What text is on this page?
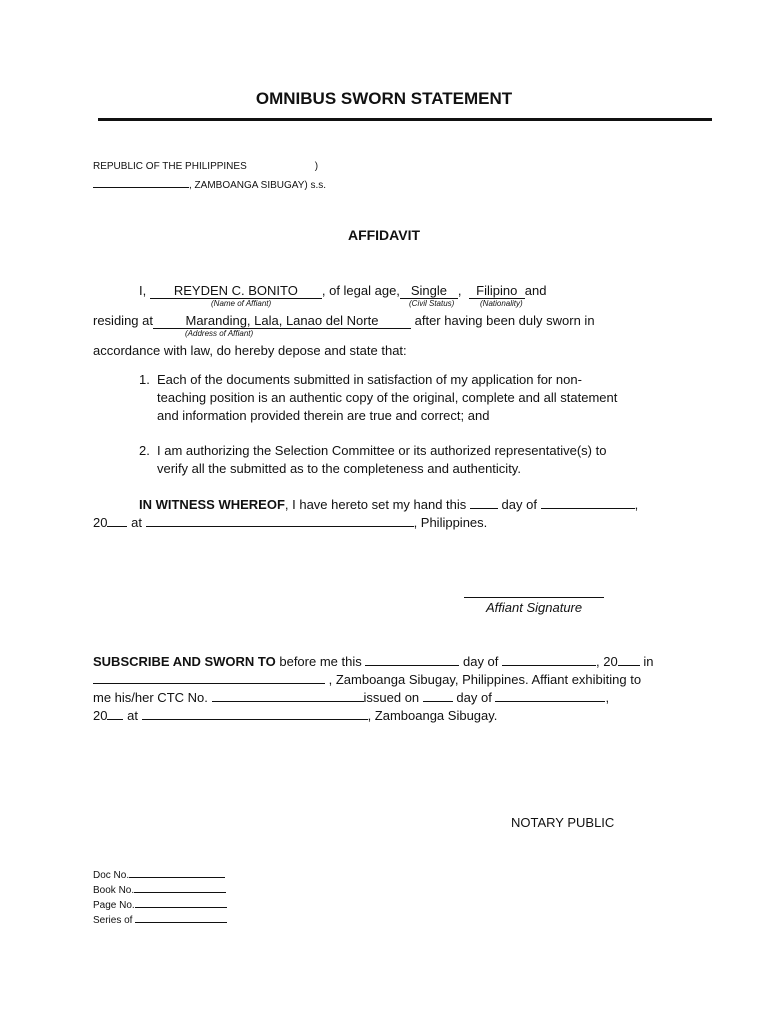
OMNIBUS SWORN STATEMENT
REPUBLIC OF THE PHILIPPINES	)
, ZAMBOANGA SIBUGAY) s.s.
AFFIDAVIT
I, REYDEN C. BONITO , of legal age, Single ,  Filipino and
(Name of Affiant)	(Civil Status)	(Nationality)
residing at	Maranding, Lala, Lanao del Norte	after having been duly sworn in
(Address of Affiant)
accordance with law, do hereby depose and state that:
1. Each of the documents submitted in satisfaction of my application for non-
teaching position is an authentic copy of the original, complete and all statement
and information provided therein are true and correct; and
2. I am authorizing the Selection Committee or its authorized representative(s) to
verify all the submitted as to the completeness and authenticity.
IN WITNESS WHEREOF, I have hereto set my hand this	day of	,
20 at	, Philippines.
Affiant Signature
SUBSCRIBE AND SWORN TO before me this	day of	, 20 in
, Zamboanga Sibugay, Philippines. Affiant exhibiting to
me his/her CTC No.	issued on	day of	,
20 at	, Zamboanga Sibugay.
NOTARY PUBLIC
Doc No.
Book No.
Page No.
Series of
